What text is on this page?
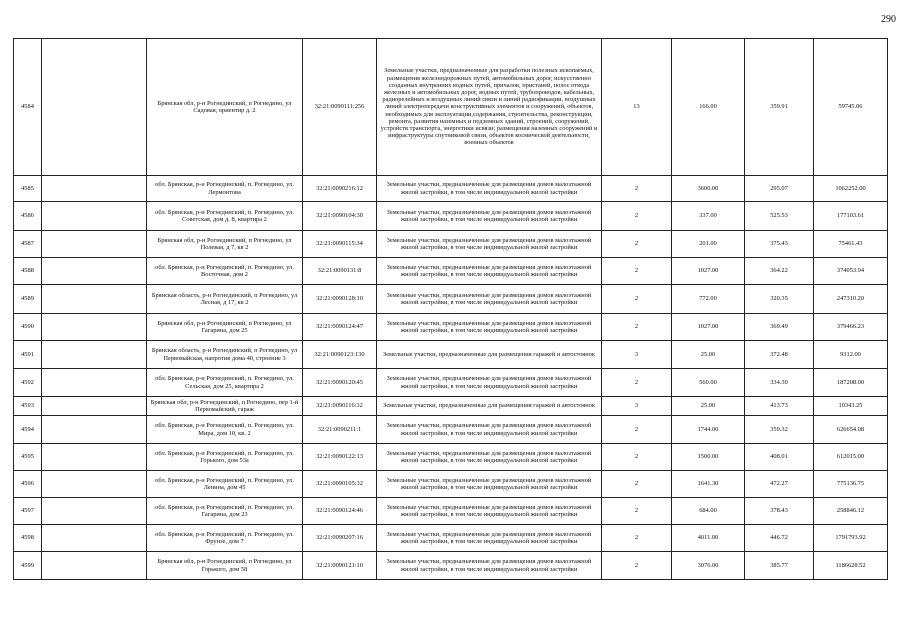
290
4584		Брянская обл, р-н Рогнединский, п Рогнедино, ул Садовая, ориентир д. 2	32:21:0090111:256	Земельные участки, предназначенные для разработки полезных ископаемых, размещения железнодорожных путей, автомобильных дорог, искусственно созданных внутренних водных путей, причалов, пристаней, полос отвода железных и автомобильных дорог, водных путей, трубопроводов, кабельных, радиорелейных и воздушных линий связи и линий радиофикации, воздушных линий электропередачи конструктивных элементов и сооружений, объектов, необходимых для эксплуатации,содержания, строительства, реконструкции, ремонта, развития наземных и подземных зданий, строений, сооружений, устройств транспорта, энергетики исвязи; размещения наземных сооружений и инфраструктуры спутниковой связи, объектов космической деятельности, военных объектов	13	166.00	359.91	59745.06
4585		обл. Брянская, р-н Рогнединский, п. Рогнедино, ул. Лермонтова	32:21:0090216:12	Земельные участки, предназначенные для размещения домов малоэтажной жилой застройки, в том числе индивидуальной жилой застройки	2	3600.00	295.07	1062252.00
4586		обл. Брянская, р-н Рогнединский, п. Рогнедино, ул. Советская, дом д. 8, квартира 2	32:21:0090104:30	Земельные участки, предназначенные для размещения домов малоэтажной жилой застройки, в том числе индивидуальной жилой застройки	2	337.00	525.53	177103.61
4587		Брянская обл, р-н Рогнединский, п Рогнедино, ул Полевая, д 7, кв 2	32:21:0090115:34	Земельные участки, предназначенные для размещения домов малоэтажной жилой застройки, в том числе индивидуальной жилой застройки	2	201.00	375.43	75461.43
4588		обл. Брянская, р-н Рогнединский, п. Рогнедино, ул. Восточная, дом 2	32:21:0090131:8	Земельные участки, предназначенные для размещения домов малоэтажной жилой застройки, в том числе индивидуальной жилой застройки	2	1027.00	364.22	374053.94
4589		Брянская область, р-н Рогнединский, п Рогнедино, ул Лесная, д 17, кв 2	32:21:0090128:10	Земельные участки, предназначенные для размещения домов малоэтажной жилой застройки, в том числе индивидуальной жилой застройки	2	772.00	320.35	247310.20
4590		Брянская обл, р-н Рогнединский, п Рогнедино, ул Гагарина, дом 25	32:21:0090124:47	Земельные участки, предназначенные для размещения домов малоэтажной жилой застройки, в том числе индивидуальной жилой застройки	2	1027.00	369.49	379466.23
4591		Брянская область, р-н Рогнединский, п Рогнедино, ул Первомайская, напротив дома 40, строение 3	32:21:0090123:130	Земельные участки, предназначенные для размещения гаражей и автостоянок	3	25.00	372.48	9312.00
4592		обл. Брянская, р-н Рогнединский, п. Рогнедино, ул. Сельская, дом 25, квартира 2	32:21:0090120:45	Земельные участки, предназначенные для размещения домов малоэтажной жилой застройки, в том числе индивидуальной жилой застройки	2	560.00	334.30	187208.00
4593		Брянская обл, р-н Рогнединский, п Рогнедино, пер 1-й Первомайский, гараж	32:21:0090116:32	Земельные участки, предназначенные для размещения гаражей и автостоянок	3	25.00	413.73	10343.25
4594		обл. Брянская, р-н Рогнединский, п. Рогнедино, ул. Мира, дом 10, кв. 2	32:21:0090211:1	Земельные участки, предназначенные для размещения домов малоэтажной жилой застройки, в том числе индивидуальной жилой застройки	2	1744.00	359.32	626654.08
4595		обл. Брянская, р-н Рогнединский, п. Рогнедино, ул. Горького, дом 53а	32:21:0090122:13	Земельные участки, предназначенные для размещения домов малоэтажной жилой застройки, в том числе индивидуальной жилой застройки	2	1500.00	408.01	612015.00
4596		обл. Брянская, р-н Рогнединский, п. Рогнедино, ул. Ленина, дом 45	32:21:0090105:32	Земельные участки, предназначенные для размещения домов малоэтажной жилой застройки, в том числе индивидуальной жилой застройки	2	1641.30	472.27	775136.75
4597		обл. Брянская, р-н Рогнединский, п. Рогнедино, ул. Гагарина, дом 23	32:21:0090124:46	Земельные участки, предназначенные для размещения домов малоэтажной жилой застройки, в том числе индивидуальной жилой застройки	2	684.00	378.43	258846.12
4598		обл. Брянская, р-н Рогнединский, п. Рогнедино, ул. Фрунзе, дом 7	32:21:0090207:16	Земельные участки, предназначенные для размещения домов малоэтажной жилой застройки, в том числе индивидуальной жилой застройки	2	4011.00	446.72	1791793.92
4599		Брянская обл, р-н Рогнединский, п Рогнедино, ул Горького, дом 58	32:21:0090121:10	Земельные участки, предназначенные для размещения домов малоэтажной жилой застройки, в том числе индивидуальной жилой застройки	2	3076.00	385.77	1186628.52
